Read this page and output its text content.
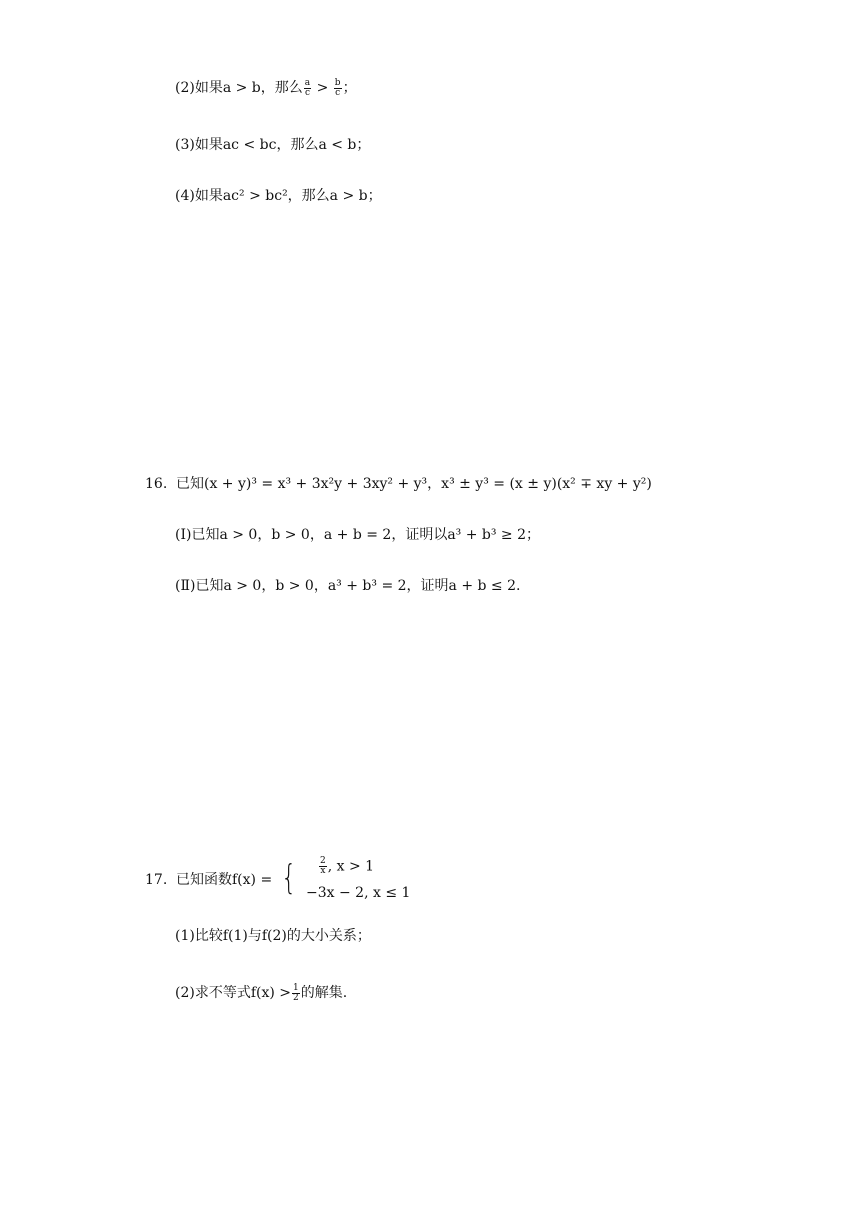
(2)如果a > b，那么 $\frac{a}{c} > \frac{b}{c}$ ；
(3)如果ac < bc，那么a < b；
(4)如果ac² > bc²，那么a > b；
16. 已知(x + y)³ = x³ + 3x²y + 3xy² + y³，x³ ± y³ = (x ± y)(x² ∓ xy + y²)
(Ⅰ)已知a > 0，b > 0，a + b = 2，证明以a³ + b³ ≥ 2；
(Ⅱ)已知a > 0，b > 0，a³ + b³ = 2，证明a + b ≤ 2.
17. 已知函数f(x) = {	$\frac{2}{x}$ , x > 1
−3x − 2, x ≤ 1
(1)比较f(1)与f(2)的大小关系；
(2)求不等式$f(x) > \frac{1}{2}$ 的解集.
